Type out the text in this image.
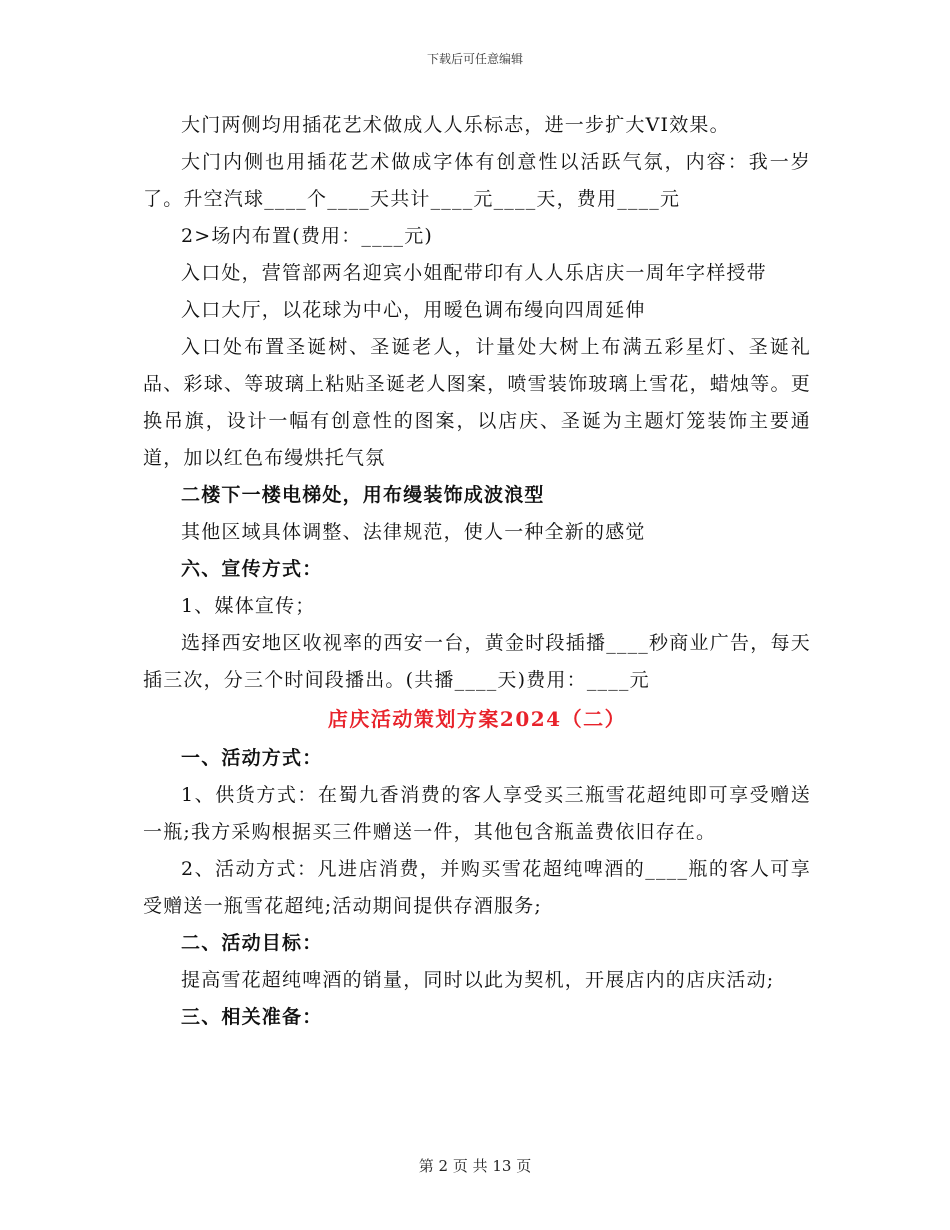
下载后可任意编辑

大门两侧均用插花艺术做成人人乐标志，进一步扩大VI效果。

大门内侧也用插花艺术做成字体有创意性以活跃气氛，内容：我一岁了。升空汽球____个____天共计____元____天，费用____元

2>场内布置(费用：____元)

入口处，营管部两名迎宾小姐配带印有人人乐店庆一周年字样授带

入口大厅，以花球为中心，用暧色调布缦向四周延伸

入口处布置圣诞树、圣诞老人，计量处大树上布满五彩星灯、圣诞礼品、彩球、等玻璃上粘贴圣诞老人图案，喷雪装饰玻璃上雪花，蜡烛等。更换吊旗，设计一幅有创意性的图案，以店庆、圣诞为主题灯笼装饰主要通道，加以红色布缦烘托气氛

二楼下一楼电梯处，用布缦装饰成波浪型

其他区域具体调整、法律规范，使人一种全新的感觉

六、宣传方式：

1、媒体宣传；

选择西安地区收视率的西安一台，黄金时段插播____秒商业广告，每天插三次，分三个时间段播出。(共播____天)费用：____元

店庆活动策划方案2024（二）

一、活动方式：

1、供货方式：在蜀九香消费的客人享受买三瓶雪花超纯即可享受赠送一瓶;我方采购根据买三件赠送一件，其他包含瓶盖费依旧存在。

2、活动方式：凡进店消费，并购买雪花超纯啤酒的____瓶的客人可享受赠送一瓶雪花超纯;活动期间提供存酒服务;

二、活动目标：

提高雪花超纯啤酒的销量，同时以此为契机，开展店内的店庆活动;

三、相关准备：

第 2 页 共 13 页
